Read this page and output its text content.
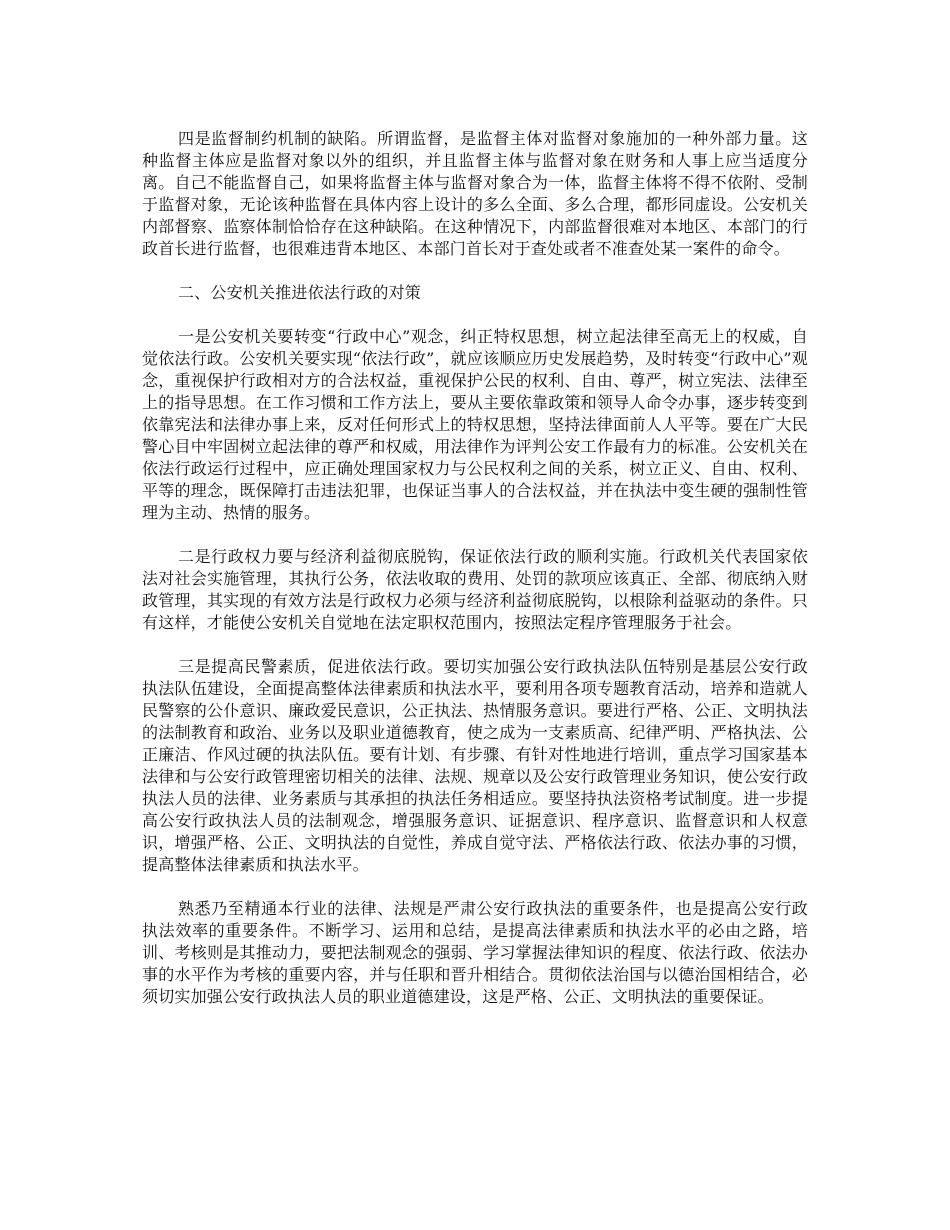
四是监督制约机制的缺陷。所谓监督，是监督主体对监督对象施加的一种外部力量。这种监督主体应是监督对象以外的组织，并且监督主体与监督对象在财务和人事上应当适度分离。自己不能监督自己，如果将监督主体与监督对象合为一体，监督主体将不得不依附、受制于监督对象，无论该种监督在具体内容上设计的多么全面、多么合理，都形同虚设。公安机关内部督察、监察体制恰恰存在这种缺陷。在这种情况下，内部监督很难对本地区、本部门的行政首长进行监督，也很难违背本地区、本部门首长对于查处或者不准查处某一案件的命令。

二、公安机关推进依法行政的对策

一是公安机关要转变“行政中心”观念，纠正特权思想，树立起法律至高无上的权威，自觉依法行政。公安机关要实现“依法行政”，就应该顺应历史发展趋势，及时转变“行政中心”观念，重视保护行政相对方的合法权益，重视保护公民的权利、自由、尊严，树立宪法、法律至上的指导思想。在工作习惯和工作方法上，要从主要依靠政策和领导人命令办事，逐步转变到依靠宪法和法律办事上来，反对任何形式上的特权思想，坚持法律面前人人平等。要在广大民警心目中牢固树立起法律的尊严和权威，用法律作为评判公安工作最有力的标准。公安机关在依法行政运行过程中，应正确处理国家权力与公民权利之间的关系，树立正义、自由、权利、平等的理念，既保障打击违法犯罪，也保证当事人的合法权益，并在执法中变生硬的强制性管理为主动、热情的服务。

二是行政权力要与经济利益彻底脱钩，保证依法行政的顺利实施。行政机关代表国家依法对社会实施管理，其执行公务，依法收取的费用、处罚的款项应该真正、全部、彻底纳入财政管理，其实现的有效方法是行政权力必须与经济利益彻底脱钩，以根除利益驱动的条件。只有这样，才能使公安机关自觉地在法定职权范围内，按照法定程序管理服务于社会。

三是提高民警素质，促进依法行政。要切实加强公安行政执法队伍特别是基层公安行政执法队伍建设，全面提高整体法律素质和执法水平，要利用各项专题教育活动，培养和造就人民警察的公仆意识、廉政爱民意识，公正执法、热情服务意识。要进行严格、公正、文明执法的法制教育和政治、业务以及职业道德教育，使之成为一支素质高、纪律严明、严格执法、公正廉洁、作风过硬的执法队伍。要有计划、有步骤、有针对性地进行培训，重点学习国家基本法律和与公安行政管理密切相关的法律、法规、规章以及公安行政管理业务知识，使公安行政执法人员的法律、业务素质与其承担的执法任务相适应。要坚持执法资格考试制度。进一步提高公安行政执法人员的法制观念，增强服务意识、证据意识、程序意识、监督意识和人权意识，增强严格、公正、文明执法的自觉性，养成自觉守法、严格依法行政、依法办事的习惯，提高整体法律素质和执法水平。

熟悉乃至精通本行业的法律、法规是严肃公安行政执法的重要条件，也是提高公安行政执法效率的重要条件。不断学习、运用和总结，是提高法律素质和执法水平的必由之路，培训、考核则是其推动力，要把法制观念的强弱、学习掌握法律知识的程度、依法行政、依法办事的水平作为考核的重要内容，并与任职和晋升相结合。贯彻依法治国与以德治国相结合，必须切实加强公安行政执法人员的职业道德建设，这是严格、公正、文明执法的重要保证。
